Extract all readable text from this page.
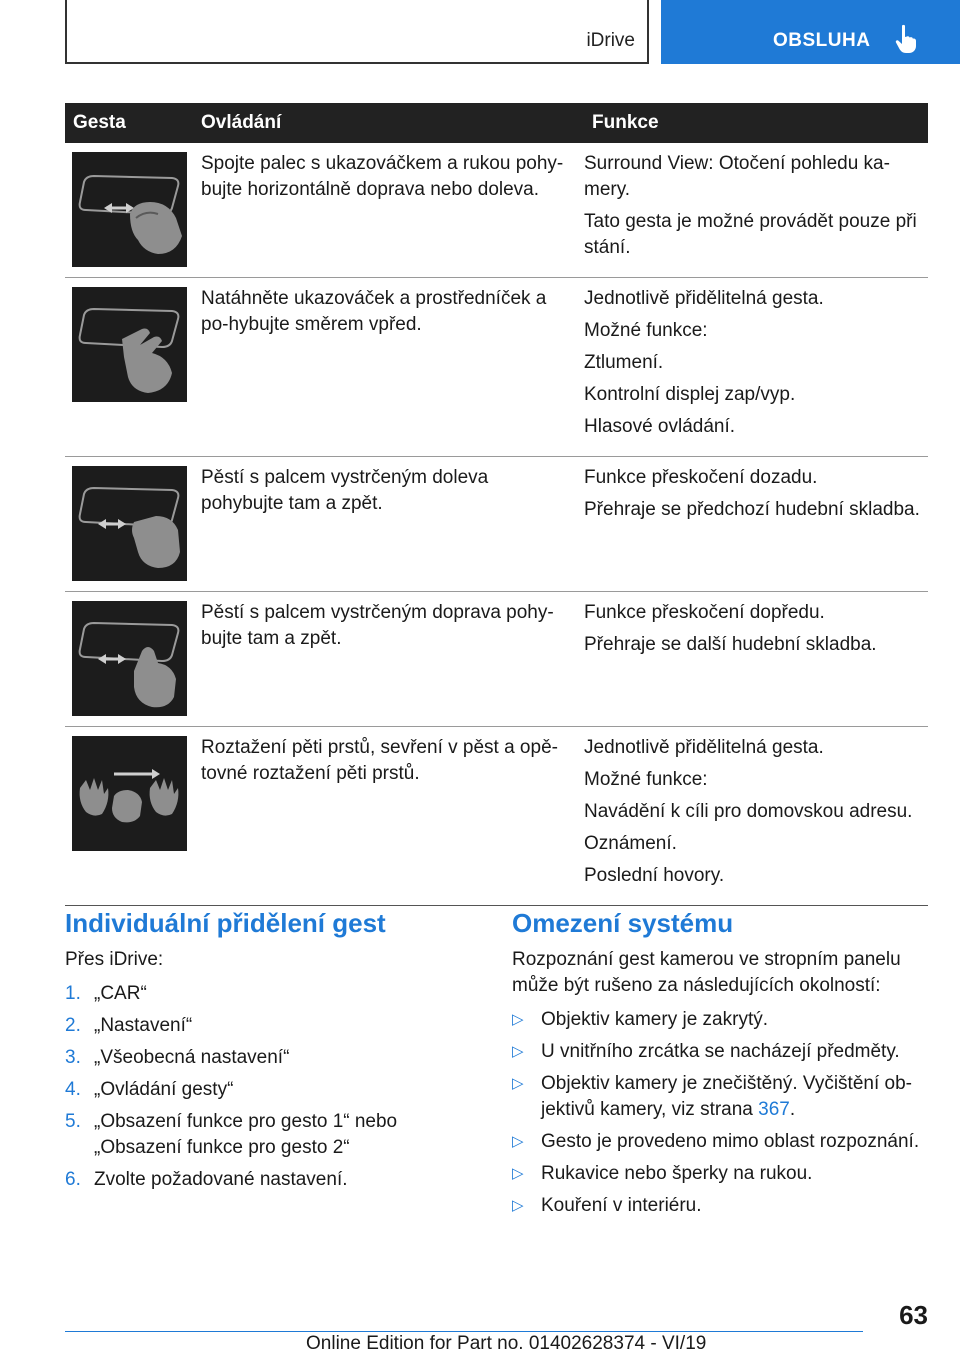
iDrive	OBSLUHA
Gesta	Ovládání	Funkce

	Spojte palec s ukazováčkem a rukou pohy-bujte horizontálně doprava nebo doleva.	Surround View: Otočení pohledu ka-mery.

Tato gesta je možné provádět pouze při stání.

	Natáhněte ukazováček a prostředníček a po-hybujte směrem vpřed.	Jednotlivě přidělitelná gesta.

Možné funkce:

Ztlumení.

Kontrolní displej zap/vyp.

Hlasové ovládání.

	Pěstí s palcem vystrčeným doleva pohybujte tam a zpět.	Funkce přeskočení dozadu.

Přehraje se předchozí hudební skladba.

	Pěstí s palcem vystrčeným doprava pohy-bujte tam a zpět.	Funkce přeskočení dopředu.

Přehraje se další hudební skladba.

	Roztažení pěti prstů, sevření v pěst a opě-tovné roztažení pěti prstů.	Jednotlivě přidělitelná gesta.

Možné funkce:

Navádění k cíli pro domovskou adresu.

Oznámení.

Poslední hovory.

Individuální přidělení gest

Přes iDrive:

1. „CAR“
2. „Nastavení“
3. „Všeobecná nastavení“
4. „Ovládání gesty“
5. „Obsazení funkce pro gesto 1“ nebo „Obsazení funkce pro gesto 2“
6. Zvolte požadované nastavení.
Omezení systému

Rozpoznání gest kamerou ve stropním panelu může být rušeno za následujících okolností:

▷ Objektiv kamery je zakrytý.
▷ U vnitřního zrcátka se nacházejí předměty.
▷ Objektiv kamery je znečištěný. Vyčištění ob-jektivů kamery, viz strana 367.
▷ Gesto je provedeno mimo oblast rozpoznání.
▷ Rukavice nebo šperky na rukou.
▷ Kouření v interiéru.
63
Online Edition for Part no. 01402628374 - VI/19
